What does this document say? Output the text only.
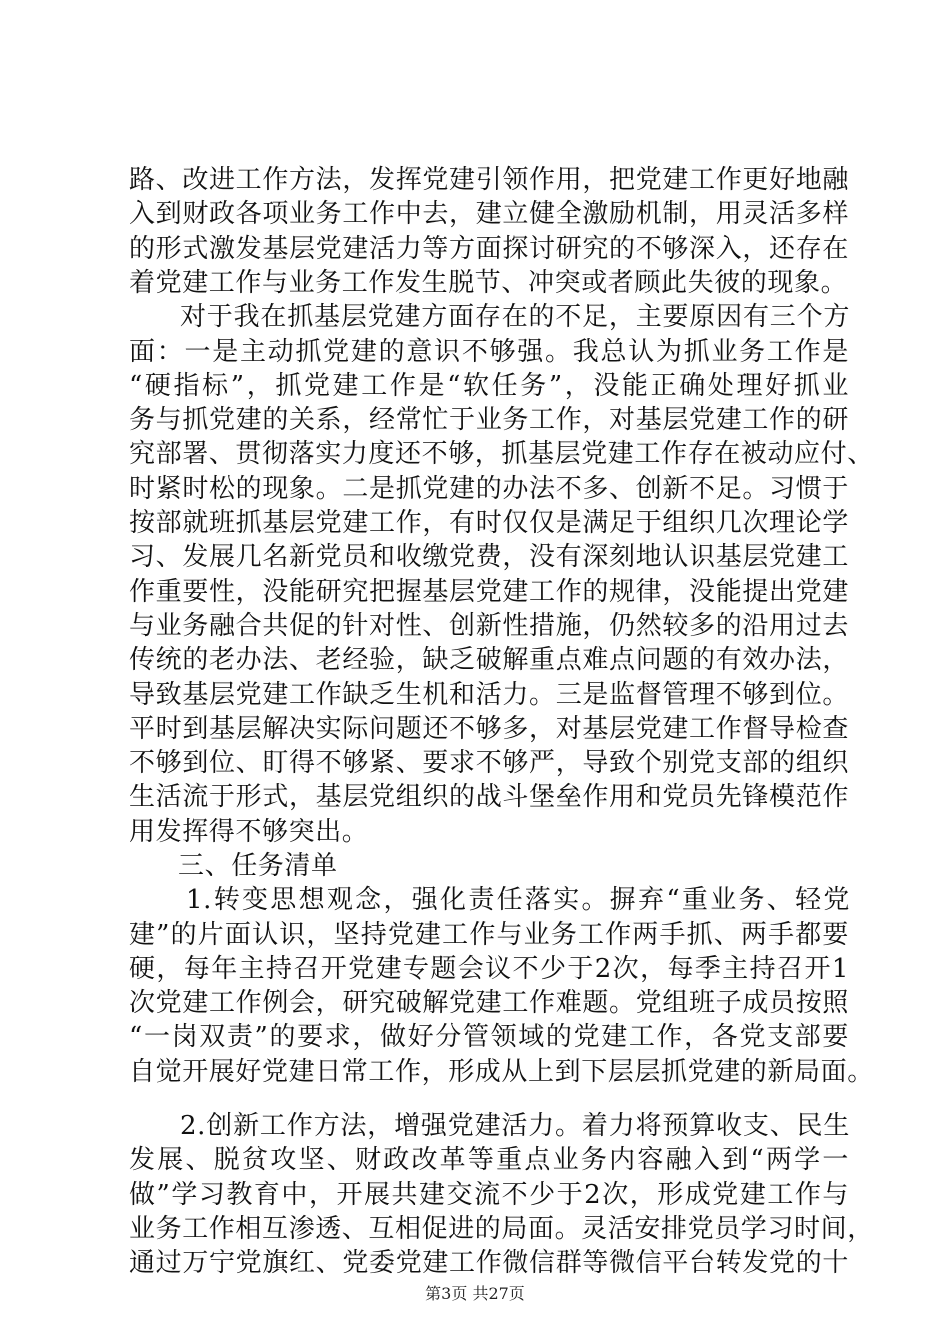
路、改进工作方法，发挥党建引领作用，把党建工作更好地融
入到财政各项业务工作中去，建立健全激励机制，用灵活多样
的形式激发基层党建活力等方面探讨研究的不够深入，还存在
着党建工作与业务工作发生脱节、冲突或者顾此失彼的现象。
对于我在抓基层党建方面存在的不足，主要原因有三个方
面：一是主动抓党建的意识不够强。我总认为抓业务工作是
“硬指标”，抓党建工作是“软任务”，没能正确处理好抓业
务与抓党建的关系，经常忙于业务工作，对基层党建工作的研
究部署、贯彻落实力度还不够，抓基层党建工作存在被动应付、
时紧时松的现象。二是抓党建的办法不多、创新不足。习惯于
按部就班抓基层党建工作，有时仅仅是满足于组织几次理论学
习、发展几名新党员和收缴党费，没有深刻地认识基层党建工
作重要性，没能研究把握基层党建工作的规律，没能提出党建
与业务融合共促的针对性、创新性措施，仍然较多的沿用过去
传统的老办法、老经验，缺乏破解重点难点问题的有效办法，
导致基层党建工作缺乏生机和活力。三是监督管理不够到位。
平时到基层解决实际问题还不够多，对基层党建工作督导检查
不够到位、盯得不够紧、要求不够严，导致个别党支部的组织
生活流于形式，基层党组织的战斗堡垒作用和党员先锋模范作
用发挥得不够突出。
三、任务清单
1.转变思想观念，强化责任落实。摒弃“重业务、轻党
建”的片面认识，坚持党建工作与业务工作两手抓、两手都要
硬，每年主持召开党建专题会议不少于2次，每季主持召开1
次党建工作例会，研究破解党建工作难题。党组班子成员按照
“一岗双责”的要求，做好分管领域的党建工作，各党支部要
自觉开展好党建日常工作，形成从上到下层层抓党建的新局面。
2.创新工作方法，增强党建活力。着力将预算收支、民生
发展、脱贫攻坚、财政改革等重点业务内容融入到“两学一
做”学习教育中，开展共建交流不少于2次，形成党建工作与
业务工作相互渗透、互相促进的局面。灵活安排党员学习时间，
通过万宁党旗红、党委党建工作微信群等微信平台转发党的十
第3页 共27页
